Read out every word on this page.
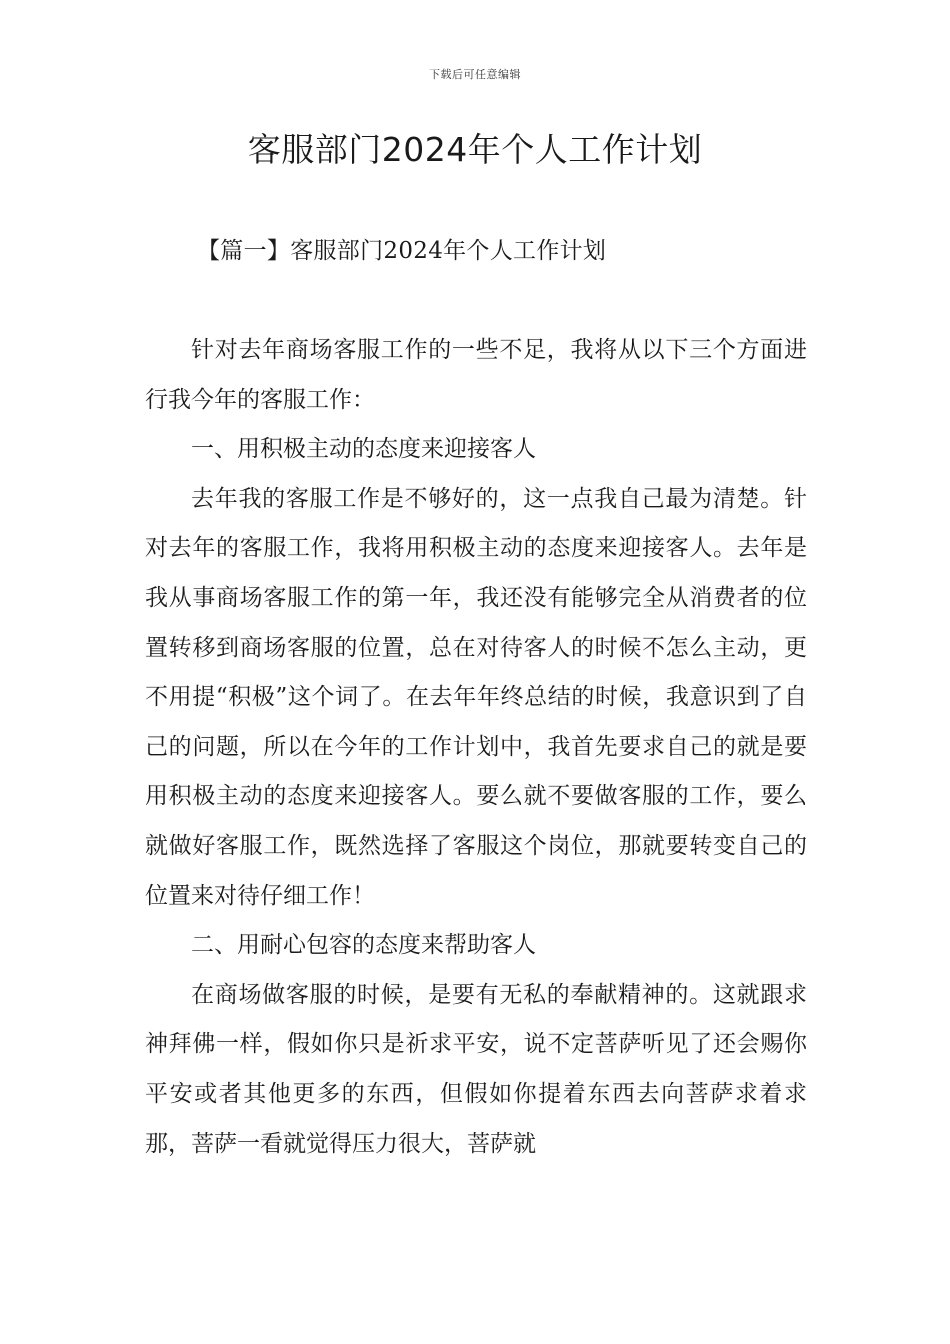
下载后可任意编辑
客服部门2024年个人工作计划
【篇一】客服部门2024年个人工作计划

针对去年商场客服工作的一些不足，我将从以下三个方面进行我今年的客服工作：

一、用积极主动的态度来迎接客人

去年我的客服工作是不够好的，这一点我自己最为清楚。针对去年的客服工作，我将用积极主动的态度来迎接客人。去年是我从事商场客服工作的第一年，我还没有能够完全从消费者的位置转移到商场客服的位置，总在对待客人的时候不怎么主动，更不用提“积极”这个词了。在去年年终总结的时候，我意识到了自己的问题，所以在今年的工作计划中，我首先要求自己的就是要用积极主动的态度来迎接客人。要么就不要做客服的工作，要么就做好客服工作，既然选择了客服这个岗位，那就要转变自己的位置来对待仔细工作！

二、用耐心包容的态度来帮助客人

在商场做客服的时候，是要有无私的奉献精神的。这就跟求神拜佛一样，假如你只是祈求平安，说不定菩萨听见了还会赐你平安或者其他更多的东西，但假如你提着东西去向菩萨求着求那，菩萨一看就觉得压力很大，菩萨就
